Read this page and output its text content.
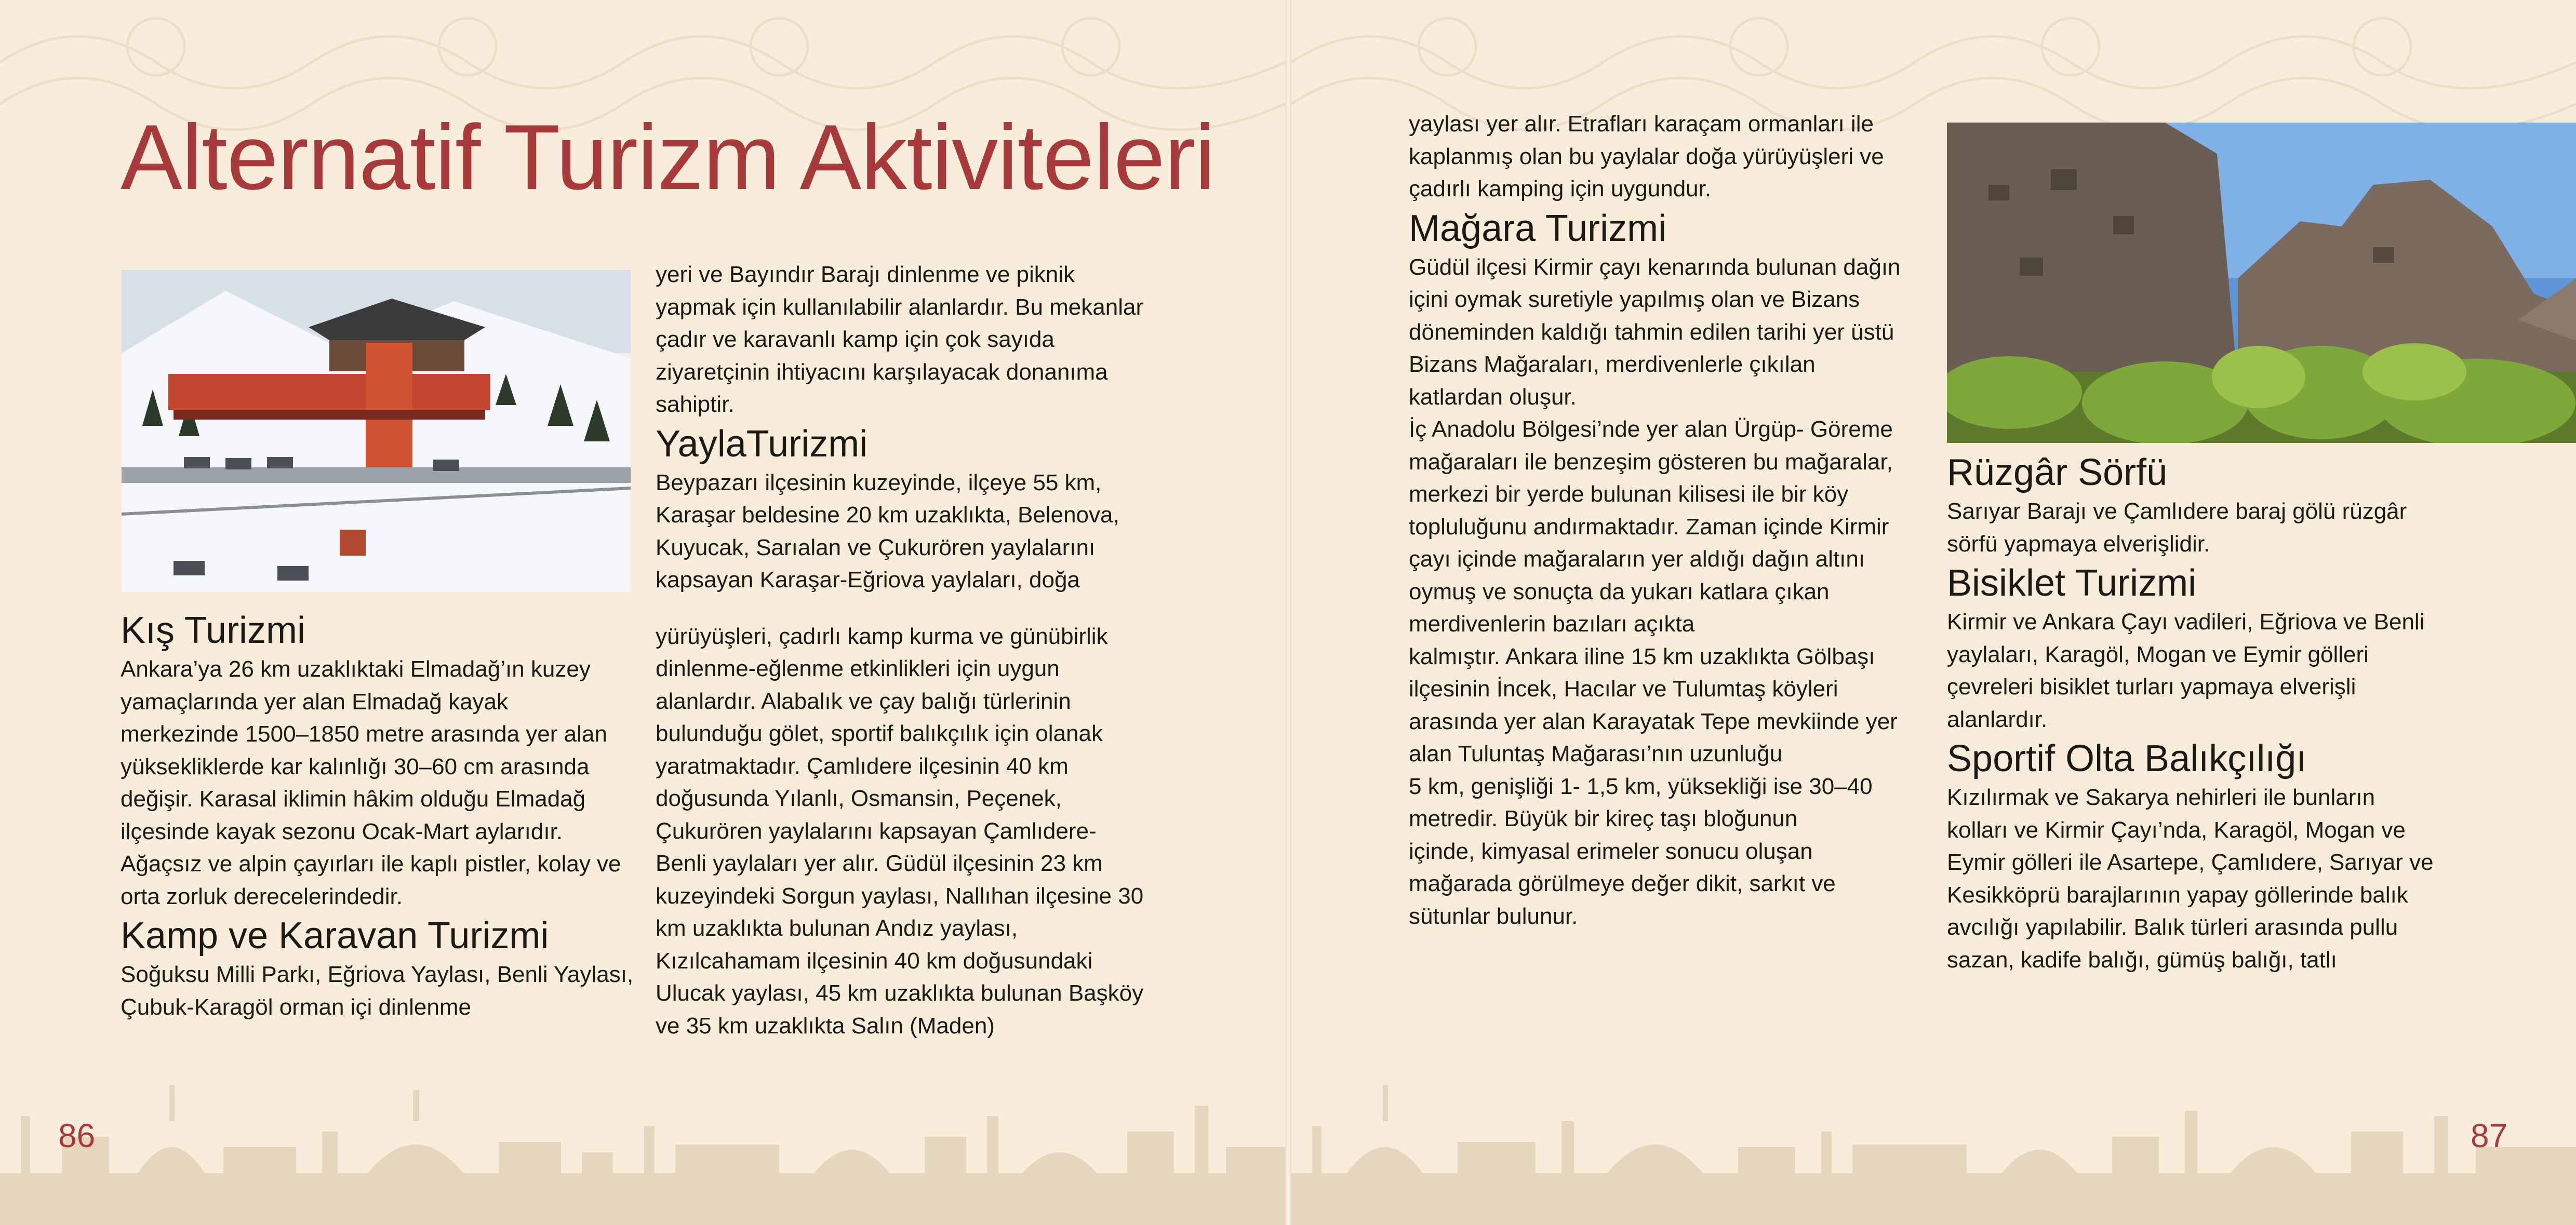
Alternatif Turizm Aktiviteleri
Kış Turizmi

Ankara’ya 26 km uzaklıktaki Elmadağ’ın kuzey

yamaçlarında yer alan Elmadağ kayak

merkezinde 1500–1850 metre arasında yer alan

yüksekliklerde kar kalınlığı 30–60 cm arasında

değişir. Karasal iklimin hâkim olduğu Elmadağ

ilçesinde kayak sezonu Ocak-Mart aylarıdır.

Ağaçsız ve alpin çayırları ile kaplı pistler, kolay ve

orta zorluk derecelerindedir.

Kamp ve Karavan Turizmi

Soğuksu Milli Parkı, Eğriova Yaylası, Benli Yaylası,

Çubuk-Karagöl orman içi dinlenme

yeri ve Bayındır Barajı dinlenme ve piknik

yapmak için kullanılabilir alanlardır. Bu mekanlar

çadır ve karavanlı kamp için çok sayıda

ziyaretçinin ihtiyacını karşılayacak donanıma

sahiptir.

YaylaTurizmi

Beypazarı ilçesinin kuzeyinde, ilçeye 55 km,

Karaşar beldesine 20 km uzaklıkta, Belenova,

Kuyucak, Sarıalan ve Çukurören yaylalarını

kapsayan Karaşar-Eğriova yaylaları, doğa

yürüyüşleri, çadırlı kamp kurma ve günübirlik

dinlenme-eğlenme etkinlikleri için uygun

alanlardır. Alabalık ve çay balığı türlerinin

bulunduğu gölet, sportif balıkçılık için olanak

yaratmaktadır. Çamlıdere ilçesinin 40 km

doğusunda Yılanlı, Osmansin, Peçenek,

Çukurören yaylalarını kapsayan Çamlıdere-

Benli yaylaları yer alır. Güdül ilçesinin 23 km

kuzeyindeki Sorgun yaylası, Nallıhan ilçesine 30

km uzaklıkta bulunan Andız yaylası,

Kızılcahamam ilçesinin 40 km doğusundaki

Ulucak yaylası, 45 km uzaklıkta bulunan Başköy

ve 35 km uzaklıkta Salın (Maden)

86

yaylası yer alır. Etrafları karaçam ormanları ile

kaplanmış olan bu yaylalar doğa yürüyüşleri ve

çadırlı kamping için uygundur.

Mağara Turizmi

Güdül ilçesi Kirmir çayı kenarında bulunan dağın

içini oymak suretiyle yapılmış olan ve Bizans

döneminden kaldığı tahmin edilen tarihi yer üstü

Bizans Mağaraları, merdivenlerle çıkılan

katlardan oluşur.

İç Anadolu Bölgesi’nde yer alan Ürgüp- Göreme

mağaraları ile benzeşim gösteren bu mağaralar,

merkezi bir yerde bulunan kilisesi ile bir köy

topluluğunu andırmaktadır. Zaman içinde Kirmir

çayı içinde mağaraların yer aldığı dağın altını

oymuş ve sonuçta da yukarı katlara çıkan

merdivenlerin bazıları açıkta

kalmıştır. Ankara iline 15 km uzaklıkta Gölbaşı

ilçesinin İncek, Hacılar ve Tulumtaş köyleri

arasında yer alan Karayatak Tepe mevkiinde yer

alan Tuluntaş Mağarası’nın uzunluğu

5 km, genişliği 1- 1,5 km, yüksekliği ise 30–40

metredir. Büyük bir kireç taşı bloğunun

içinde, kimyasal erimeler sonucu oluşan

mağarada görülmeye değer dikit, sarkıt ve

sütunlar bulunur.

Rüzgâr Sörfü

Sarıyar Barajı ve Çamlıdere baraj gölü rüzgâr

sörfü yapmaya elverişlidir.

Bisiklet Turizmi

Kirmir ve Ankara Çayı vadileri, Eğriova ve Benli

yaylaları, Karagöl, Mogan ve Eymir gölleri

çevreleri bisiklet turları yapmaya elverişli

alanlardır.

Sportif Olta Balıkçılığı

Kızılırmak ve Sakarya nehirleri ile bunların

kolları ve Kirmir Çayı’nda, Karagöl, Mogan ve

Eymir gölleri ile Asartepe, Çamlıdere, Sarıyar ve

Kesikköprü barajlarının yapay göllerinde balık

avcılığı yapılabilir. Balık türleri arasında pullu

sazan, kadife balığı, gümüş balığı, tatlı

87
